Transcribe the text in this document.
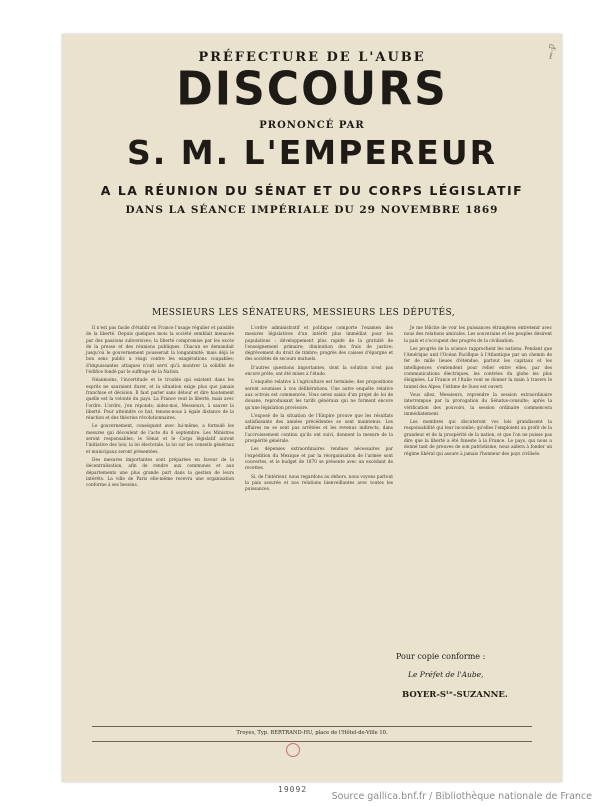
ᵭ·ℓ
PRÉFECTURE DE L'AUBE
DISCOURS
PRONONCÉ PAR
S. M. L'EMPEREUR
A LA RÉUNION DU SÉNAT ET DU CORPS LÉGISLATIF
DANS LA SÉANCE IMPÉRIALE DU 29 NOVEMBRE 1869
MESSIEURS LES SÉNATEURS, MESSIEURS LES DÉPUTÉS,

Il n'est pas facile d'établir en France l'usage régulier et paisible de la liberté. Depuis quelques mois la société semblait menacée par des passions subversives; la liberté compromise par les excès de la presse et des réunions publiques. Chacun se demandait jusqu'où le gouvernement pousserait la longanimité; mais déjà le bon sens public a réagi contre les exagérations coupables; d'impuissantes attaques n'ont servi qu'à montrer la solidité de l'édifice fondé par le suffrage de la Nation.

Néanmoins, l'incertitude et le trouble qui existent dans les esprits ne sauraient durer, et la situation exige plus que jamais franchise et décision. Il faut parler sans détour et dire hautement quelle est la volonté du pays. La France veut la liberté, mais avec l'ordre. L'ordre, j'en réponds; aidez-moi, Messieurs, à sauver la liberté. Pour atteindre ce but, tenons-nous à égale distance de la réaction et des théories révolutionnaires.

Le gouvernement, conséquent avec lui-même, a formulé les mesures qui découlent de l'acte du 8 septembre. Les Ministres seront responsables; le Sénat et le Corps législatif auront l'initiative des lois; la loi électorale, la loi sur les conseils généraux et municipaux seront présentées.

Des mesures importantes sont préparées en faveur de la décentralisation, afin de rendre aux communes et aux départements une plus grande part dans la gestion de leurs intérêts. La ville de Paris elle-même recevra une organisation conforme à ses besoins.

L'ordre administratif et politique comporte l'examen des mesures législatives d'un intérêt plus immédiat pour les populations : développement plus rapide de la gratuité de l'enseignement primaire; diminution des frais de justice; dégrèvement du droit de timbre; progrès des caisses d'épargne et des sociétés de secours mutuels.

D'autres questions importantes, dont la solution n'est pas encore prête, ont été mises à l'étude.

L'enquête relative à l'agriculture est terminée; des propositions seront soumises à vos délibérations. Une autre enquête relative aux octrois est commencée. Vous serez saisis d'un projet de loi de douane, reproduisant les tarifs généraux qui ne forment encore qu'une législation provisoire.

L'exposé de la situation de l'Empire prouve que les résultats satisfaisants des années précédentes se sont maintenus. Les affaires ne se sont pas arrêtées et les revenus indirects, dans l'accroissement continu qu'ils ont suivi, donnent la mesure de la prospérité générale.

Les dépenses extraordinaires rendues nécessaires par l'expédition du Mexique et par la réorganisation de l'armée sont couvertes, et le budget de 1870 se présente avec un excédant de recettes.

Si, de l'intérieur, nous regardons au dehors, nous voyons partout la paix assurée et nos relations bienveillantes avec toutes les puissances.

Je me félicite de voir les puissances étrangères entretenir avec nous des relations amicales. Les souverains et les peuples désirent la paix et s'occupent des progrès de la civilisation.

Les progrès de la science rapprochent les nations. Pendant que l'Amérique unit l'Océan Pacifique à l'Atlantique par un chemin de fer de mille lieues d'étendue, partout les capitaux et les intelligences s'entendent pour relier entre elles, par des communications électriques, les contrées du globe les plus éloignées. La France et l'Italie vont se donner la main à travers le tunnel des Alpes; l'isthme de Suez est ouvert.

Vous allez, Messieurs, reprendre la session extraordinaire interrompue par la prorogation du Sénatus-consulte; après la vérification des pouvoirs, la session ordinaire commencera immédiatement.

Les membres qui discuteront vos lois grandissent la responsabilité qui leur incombe; qu'elles l'emploient au profit de la grandeur et de la prospérité de la nation, et que l'on ne puisse pas dire que la liberté a été funeste à la France. Le pays, qui nous a donné tant de preuves de son patriotisme, nous aidera à fonder un régime libéral qui assure à jamais l'honneur des pays civilisés.

Pour copie conforme :
Le Préfet de l'Aube,
BOYER-Sᵗᵉ-SUZANNE.
Troyes, Typ. BERTRAND-HU, place de l'Hôtel-de-Ville 10.
19092
Source gallica.bnf.fr / Bibliothèque nationale de France
